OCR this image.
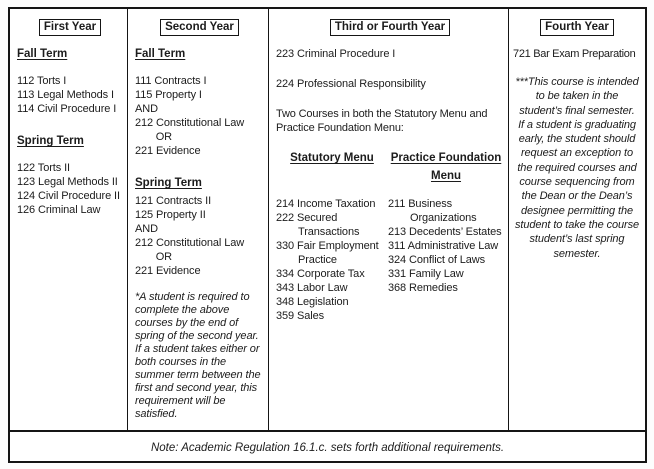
First Year
Fall Term
112 Torts I
113 Legal Methods I
114 Civil Procedure I
Spring Term
122 Torts II
123 Legal Methods II
124 Civil Procedure II
126 Criminal Law
Second Year
Fall Term
111 Contracts I
115 Property I
AND
212 Constitutional Law
OR
221 Evidence
Spring Term
121 Contracts II
125 Property II
AND
212 Constitutional Law
OR
221 Evidence
*A student is required to complete the above courses by the end of spring of the second year. If a student takes either or both courses in the summer term between the first and second year, this requirement will be satisfied.
Third or Fourth Year
223 Criminal Procedure I
224 Professional Responsibility
Two Courses in both the Statutory Menu and Practice Foundation Menu:
Statutory Menu	Practice Foundation Menu
214 Income Taxation
222 Secured Transactions
330 Fair Employment Practice
334 Corporate Tax
343 Labor Law
348 Legislation
359 Sales
211 Business Organizations
213 Decedents’ Estates
311 Administrative Law
324 Conflict of Laws
331 Family Law
368 Remedies
Fourth Year
721 Bar Exam Preparation
***This course is intended to be taken in the student’s final semester. If a student is graduating early, the student should request an exception to the required courses and course sequencing from the Dean or the Dean’s designee permitting the student to take the course student’s last spring semester.
Note: Academic Regulation 16.1.c. sets forth additional requirements.
